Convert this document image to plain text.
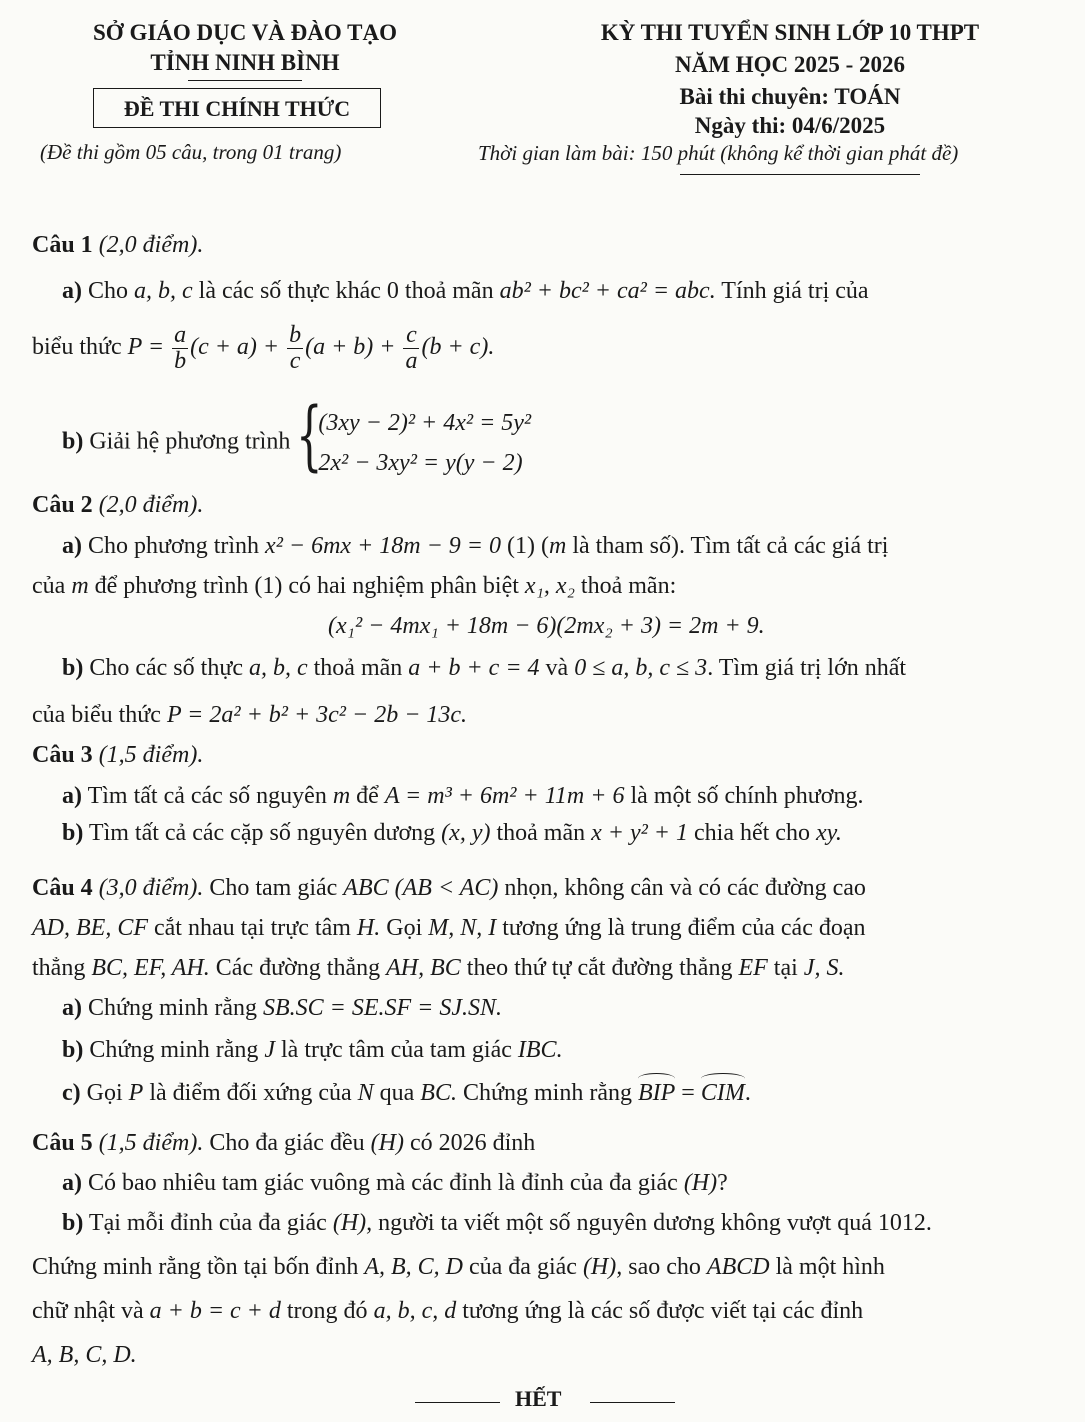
SỞ GIÁO DỤC VÀ ĐÀO TẠO
TỈNH NINH BÌNH
ĐỀ THI CHÍNH THỨC
(Đề thi gồm 05 câu, trong 01 trang)
KỲ THI TUYỂN SINH LỚP 10 THPT
NĂM HỌC 2025 - 2026
Bài thi chuyên: TOÁN
Ngày thi: 04/6/2025
Thời gian làm bài: 150 phút (không kể thời gian phát đề)
Câu 1 (2,0 điểm).
a) Cho a, b, c là các số thực khác 0 thoả mãn ab² + bc² + ca² = abc. Tính giá trị của
biểu thức $P = \frac{a}{b} (c + a) + \frac{b}{c} (a + b) + \frac{c}{a} (b + c)$.
b) Giải hệ phương trình {
(3xy − 2)² + 4x² = 5y²
2x² − 3xy² = y(y − 2)
Câu 2 (2,0 điểm).
a) Cho phương trình x² − 6mx + 18m − 9 = 0 (1) (m là tham số). Tìm tất cả các giá trị
của m để phương trình (1) có hai nghiệm phân biệt x₁, x₂ thoả mãn:
(x₁² − 4mx₁ + 18m − 6)(2mx₂ + 3) = 2m + 9.
b) Cho các số thực a, b, c thoả mãn a + b + c = 4 và 0 ≤ a, b, c ≤ 3. Tìm giá trị lớn nhất
của biểu thức P = 2a² + b² + 3c² − 2b − 13c.
Câu 3 (1,5 điểm).
a) Tìm tất cả các số nguyên m để A = m³ + 6m² + 11m + 6 là một số chính phương.
b) Tìm tất cả các cặp số nguyên dương (x, y) thoả mãn x + y² + 1 chia hết cho xy.
Câu 4 (3,0 điểm). Cho tam giác ABC (AB < AC) nhọn, không cân và có các đường cao
AD, BE, CF cắt nhau tại trực tâm H. Gọi M, N, I tương ứng là trung điểm của các đoạn
thẳng BC, EF, AH. Các đường thẳng AH, BC theo thứ tự cắt đường thẳng EF tại J, S.
a) Chứng minh rằng SB.SC = SE.SF = SJ.SN.
b) Chứng minh rằng J là trực tâm của tam giác IBC.
c) Gọi P là điểm đối xứng của N qua BC. Chứng minh rằng BIP = CIM.
Câu 5 (1,5 điểm). Cho đa giác đều (H) có 2026 đỉnh
a) Có bao nhiêu tam giác vuông mà các đỉnh là đỉnh của đa giác (H)?
b) Tại mỗi đỉnh của đa giác (H), người ta viết một số nguyên dương không vượt quá 1012.
Chứng minh rằng tồn tại bốn đỉnh A, B, C, D của đa giác (H), sao cho ABCD là một hình
chữ nhật và a + b = c + d trong đó a, b, c, d tương ứng là các số được viết tại các đỉnh
A, B, C, D.
HẾT
